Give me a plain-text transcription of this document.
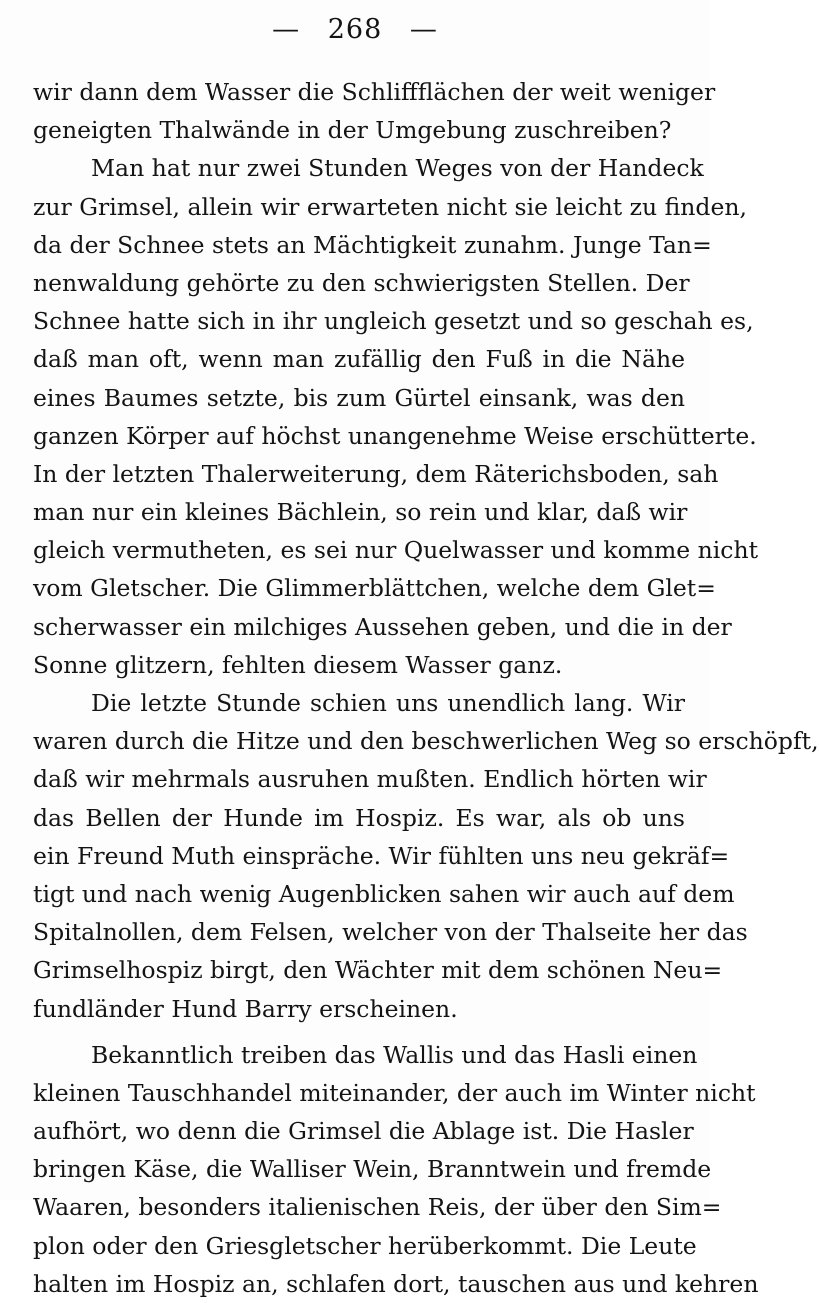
— 268 —
wir dann dem Wasser die Schliffflächen der weit weniger
geneigten Thalwände in der Umgebung zuschreiben?
Man hat nur zwei Stunden Weges von der Handeck
zur Grimsel, allein wir erwarteten nicht sie leicht zu finden,
da der Schnee stets an Mächtigkeit zunahm. Junge Tan=
nenwaldung gehörte zu den schwierigsten Stellen. Der
Schnee hatte sich in ihr ungleich gesetzt und so geschah es,
daß man oft, wenn man zufällig den Fuß in die Nähe
eines Baumes setzte, bis zum Gürtel einsank, was den
ganzen Körper auf höchst unangenehme Weise erschütterte.
In der letzten Thalerweiterung, dem Räterichsboden, sah
man nur ein kleines Bächlein, so rein und klar, daß wir
gleich vermutheten, es sei nur Quelwasser und komme nicht
vom Gletscher. Die Glimmerblättchen, welche dem Glet=
scherwasser ein milchiges Aussehen geben, und die in der
Sonne glitzern, fehlten diesem Wasser ganz.
Die letzte Stunde schien uns unendlich lang. Wir
waren durch die Hitze und den beschwerlichen Weg so erschöpft,
daß wir mehrmals ausruhen mußten. Endlich hörten wir
das Bellen der Hunde im Hospiz. Es war, als ob uns
ein Freund Muth einspräche. Wir fühlten uns neu gekräf=
tigt und nach wenig Augenblicken sahen wir auch auf dem
Spitalnollen, dem Felsen, welcher von der Thalseite her das
Grimselhospiz birgt, den Wächter mit dem schönen Neu=
fundländer Hund Barry erscheinen.
Bekanntlich treiben das Wallis und das Hasli einen
kleinen Tauschhandel miteinander, der auch im Winter nicht
aufhört, wo denn die Grimsel die Ablage ist. Die Hasler
bringen Käse, die Walliser Wein, Branntwein und fremde
Waaren, besonders italienischen Reis, der über den Sim=
plon oder den Griesgletscher herüberkommt. Die Leute
halten im Hospiz an, schlafen dort, tauschen aus und kehren
